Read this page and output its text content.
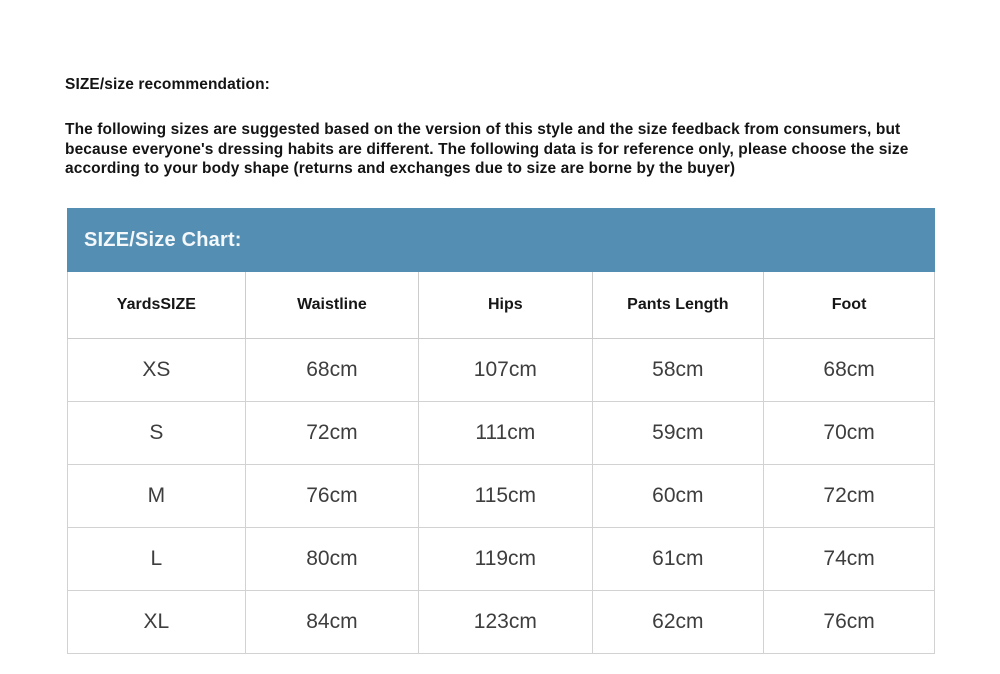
SIZE/size recommendation:
The following sizes are suggested based on the version of this style and the size feedback from consumers, but because everyone's dressing habits are different. The following data is for reference only, please choose the size according to your body shape (returns and exchanges due to size are borne by the buyer)
SIZE/Size Chart:
YardsSIZE	Waistline	Hips	Pants Length	Foot
XS	68cm	107cm	58cm	68cm
S	72cm	111cm	59cm	70cm
M	76cm	115cm	60cm	72cm
L	80cm	119cm	61cm	74cm
XL	84cm	123cm	62cm	76cm
